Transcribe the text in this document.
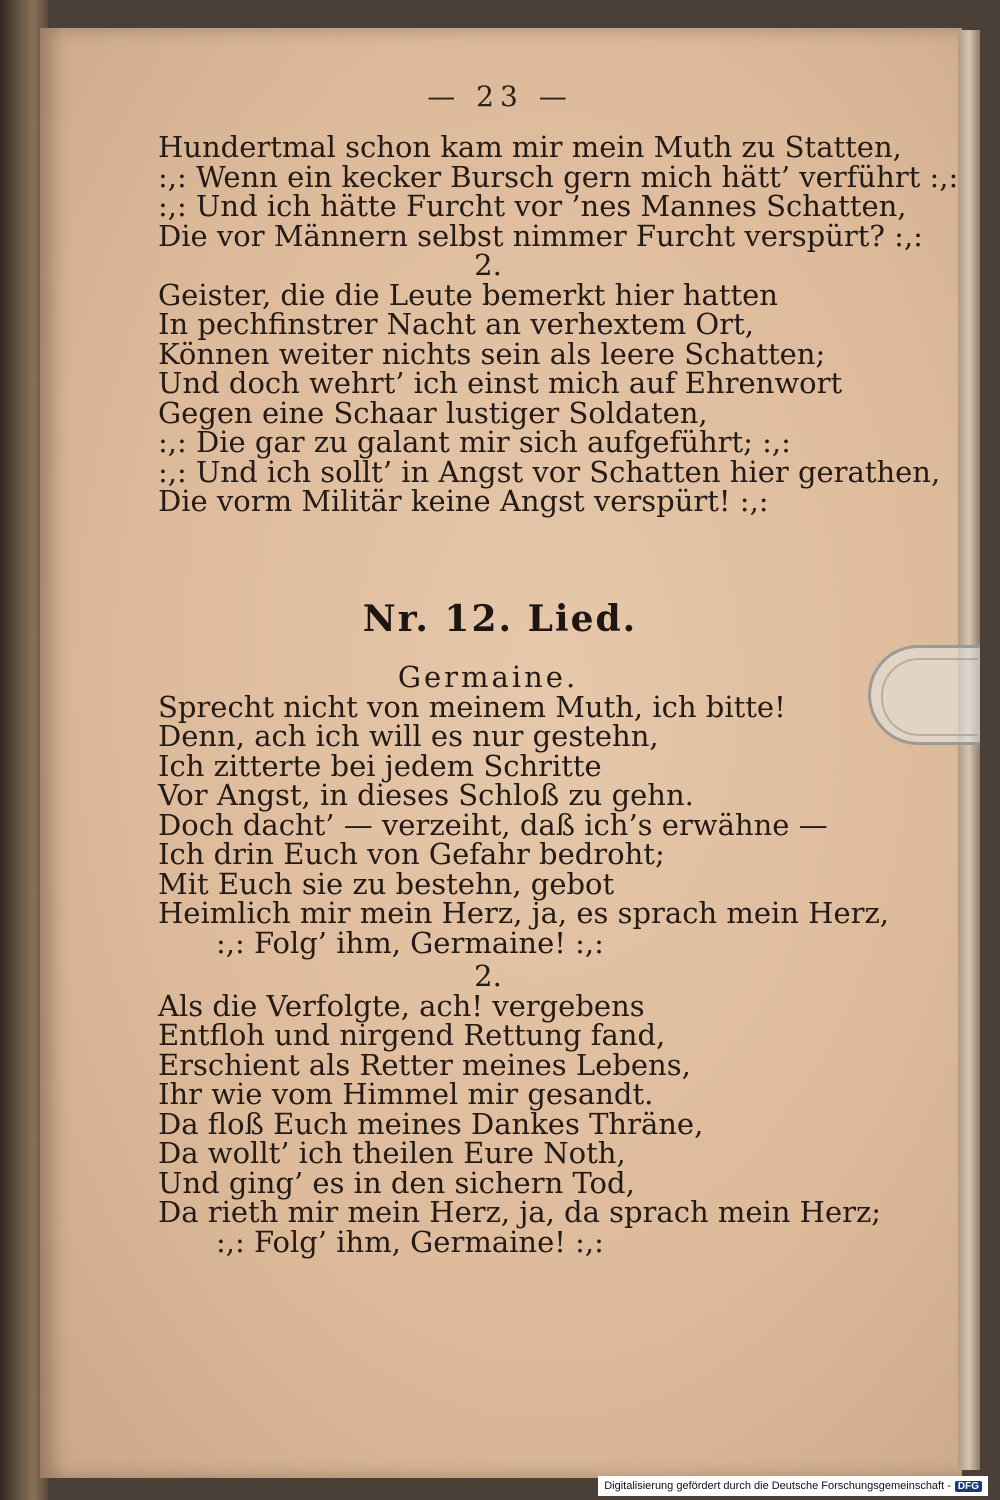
— 23 —
Hundertmal schon kam mir mein Muth zu Statten,
:,: Wenn ein kecker Bursch gern mich hätt’ verführt :,:
:,: Und ich hätte Furcht vor ’nes Mannes Schatten,
Die vor Männern selbst nimmer Furcht verspürt? :,:
2.
Geister, die die Leute bemerkt hier hatten
In pechfinstrer Nacht an verhextem Ort,
Können weiter nichts sein als leere Schatten;
Und doch wehrt’ ich einst mich auf Ehrenwort
Gegen eine Schaar lustiger Soldaten,
:,: Die gar zu galant mir sich aufgeführt; :,:
:,: Und ich sollt’ in Angst vor Schatten hier gerathen,
Die vorm Militär keine Angst verspürt! :,:
Nr. 12. Lied.
Germaine.
Sprecht nicht von meinem Muth, ich bitte!
Denn, ach ich will es nur gestehn,
Ich zitterte bei jedem Schritte
Vor Angst, in dieses Schloß zu gehn.
Doch dacht’ — verzeiht, daß ich’s erwähne —
Ich drin Euch von Gefahr bedroht;
Mit Euch sie zu bestehn, gebot
Heimlich mir mein Herz, ja, es sprach mein Herz,
:,: Folg’ ihm, Germaine! :,:
2.
Als die Verfolgte, ach! vergebens
Entfloh und nirgend Rettung fand,
Erschient als Retter meines Lebens,
Ihr wie vom Himmel mir gesandt.
Da floß Euch meines Dankes Thräne,
Da wollt’ ich theilen Eure Noth,
Und ging’ es in den sichern Tod,
Da rieth mir mein Herz, ja, da sprach mein Herz;
:,: Folg’ ihm, Germaine! :,:
Digitalisierung gefördert durch die Deutsche Forschungsgemeinschaft - DFG
